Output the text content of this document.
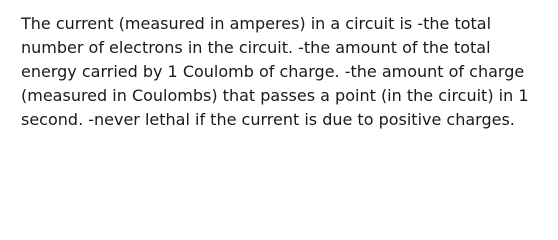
The current (measured in amperes) in a circuit is -the total number of electrons in the circuit. -the amount of the total energy carried by 1 Coulomb of charge. -the amount of charge (measured in Coulombs) that passes a point (in the circuit) in 1 second. -never lethal if the current is due to positive charges.
